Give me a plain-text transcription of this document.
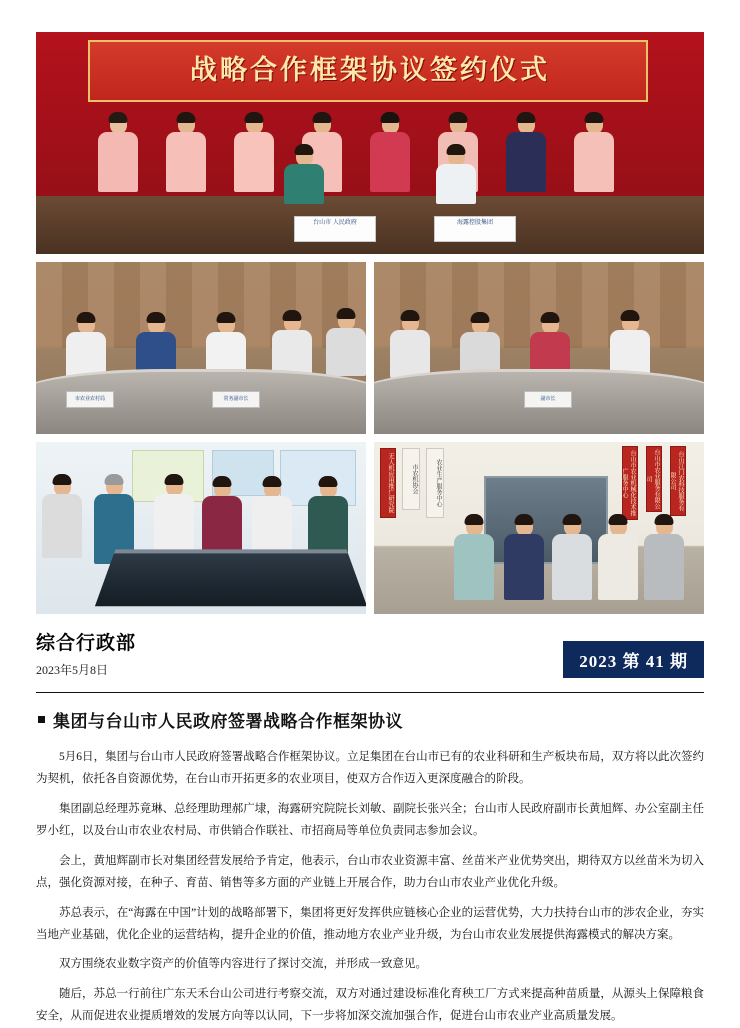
战略合作框架协议签约仪式
台山市 人民政府	海露控股集团
市农业农村局	常务副市长	副市长
无人机应用推广研究院	市农机协会	农业生产服务中心	台山市农业机械化技术推广服务中心	台山市农业服务有限公司	台山江门农科技服务有限公司
综合行政部
2023年5月8日	2023 第 41 期
集团与台山市人民政府签署战略合作框架协议

5月6日，集团与台山市人民政府签署战略合作框架协议。立足集团在台山市已有的农业科研和生产板块布局，双方将以此次签约为契机，依托各自资源优势，在台山市开拓更多的农业项目，使双方合作迈入更深度融合的阶段。

集团副总经理苏竟琳、总经理助理郝广埭，海露研究院院长刘敏、副院长张兴全；台山市人民政府副市长黄旭辉、办公室副主任罗小红，以及台山市农业农村局、市供销合作联社、市招商局等单位负责同志参加会议。

会上，黄旭辉副市长对集团经营发展给予肯定，他表示，台山市农业资源丰富、丝苗米产业优势突出，期待双方以丝苗米为切入点，强化资源对接，在种子、育苗、销售等多方面的产业链上开展合作，助力台山市农业产业优化升级。

苏总表示，在“海露在中国”计划的战略部署下，集团将更好发挥供应链核心企业的运营优势，大力扶持台山市的涉农企业，夯实当地产业基础，优化企业的运营结构，提升企业的价值，推动地方农业产业升级，为台山市农业发展提供海露模式的解决方案。

双方围绕农业数字资产的价值等内容进行了探讨交流，并形成一致意见。

随后，苏总一行前往广东天禾台山公司进行考察交流，双方对通过建设标准化育秧工厂方式来提高种苗质量，从源头上保障粮食安全，从而促进农业提质增效的发展方向等以认同，下一步将加深交流加强合作，促进台山市农业产业高质量发展。
